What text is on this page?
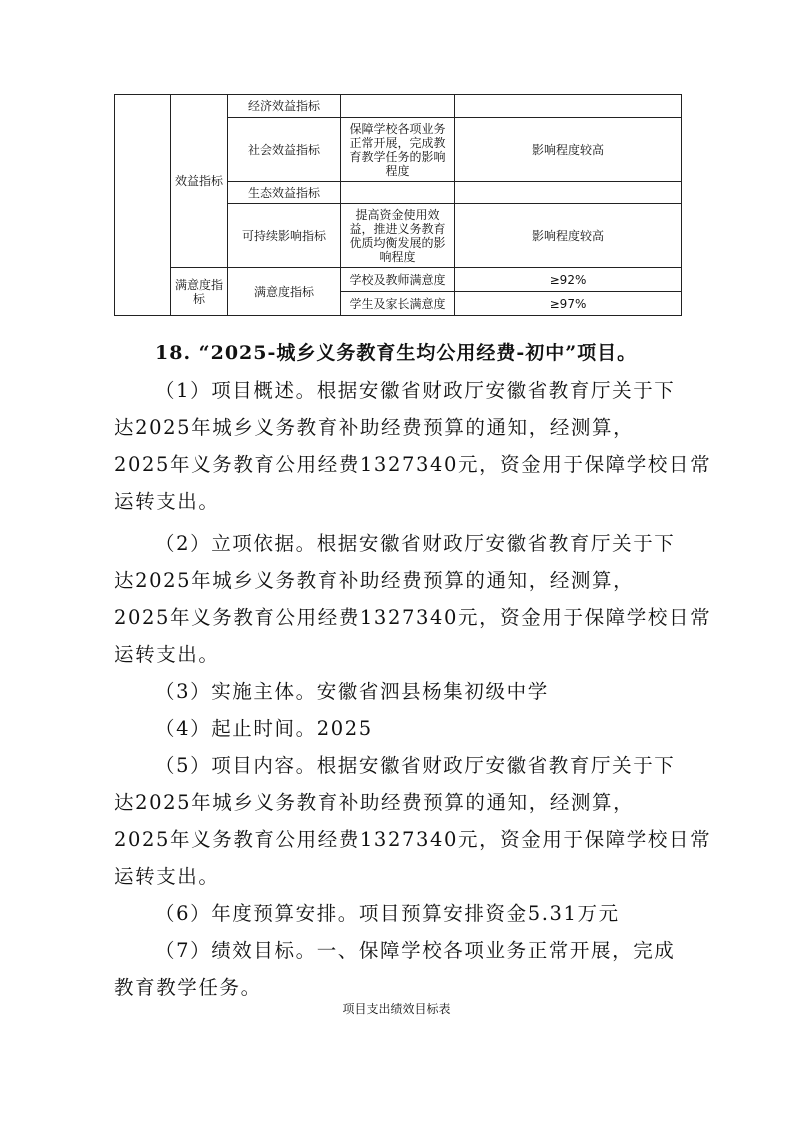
	效益指标	经济效益指标		
		社会效益指标	保障学校各项业务正常开展，完成教育教学任务的影响程度	影响程度较高
		生态效益指标		
		可持续影响指标	提高资金使用效益，推进义务教育优质均衡发展的影响程度	影响程度较高
	满意度指标	满意度指标	学校及教师满意度	≥92%
			学生及家长满意度	≥97%
18. “2025-城乡义务教育生均公用经费-初中”项目。
（1）项目概述。根据安徽省财政厅安徽省教育厅关于下
达2025年城乡义务教育补助经费预算的通知，经测算，
2025年义务教育公用经费1327340元，资金用于保障学校日常
运转支出。
（2）立项依据。根据安徽省财政厅安徽省教育厅关于下
达2025年城乡义务教育补助经费预算的通知，经测算，
2025年义务教育公用经费1327340元，资金用于保障学校日常
运转支出。
（3）实施主体。安徽省泗县杨集初级中学
（4）起止时间。2025
（5）项目内容。根据安徽省财政厅安徽省教育厅关于下
达2025年城乡义务教育补助经费预算的通知，经测算，
2025年义务教育公用经费1327340元，资金用于保障学校日常
运转支出。
（6）年度预算安排。项目预算安排资金5.31万元
（7）绩效目标。一、保障学校各项业务正常开展，完成
教育教学任务。
项目支出绩效目标表
